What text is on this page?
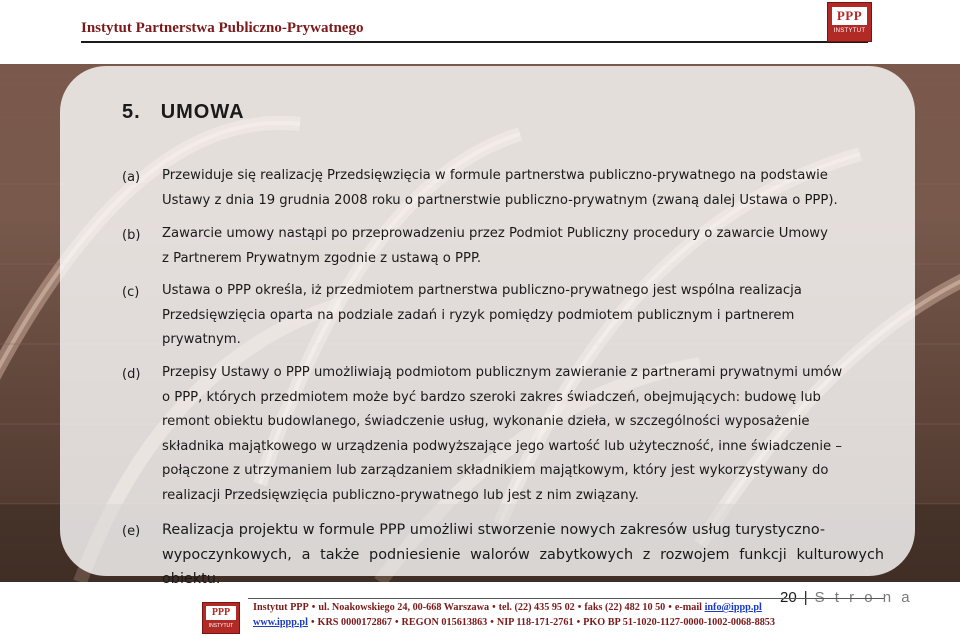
Instytut Partnerstwa Publiczno-Prywatnego
PPP
INSTYTUT
5. UMOWA
(a) Przewiduje się realizację Przedsięwzięcia w formule partnerstwa publiczno-prywatnego na podstawie
Ustawy z dnia 19 grudnia 2008 roku o partnerstwie publiczno-prywatnym (zwaną dalej Ustawa o PPP).
(b) Zawarcie umowy nastąpi po przeprowadzeniu przez Podmiot Publiczny procedury o zawarcie Umowy
z Partnerem Prywatnym zgodnie z ustawą o PPP.
(c) Ustawa o PPP określa, iż przedmiotem partnerstwa publiczno-prywatnego jest wspólna realizacja
Przedsięwzięcia oparta na podziale zadań i ryzyk pomiędzy podmiotem publicznym i partnerem
prywatnym.
(d) Przepisy Ustawy o PPP umożliwiają podmiotom publicznym zawieranie z partnerami prywatnymi umów
o PPP, których przedmiotem może być bardzo szeroki zakres świadczeń, obejmujących: budowę lub
remont obiektu budowlanego, świadczenie usług, wykonanie dzieła, w szczególności wyposażenie
składnika majątkowego w urządzenia podwyższające jego wartość lub użyteczność, inne świadczenie –
połączone z utrzymaniem lub zarządzaniem składnikiem majątkowym, który jest wykorzystywany do
realizacji Przedsięwzięcia publiczno-prywatnego lub jest z nim związany.
(e) Realizacja projektu w formule PPP umożliwi stworzenie nowych zakresów usług turystyczno-
wypoczynkowych, a także podniesienie walorów zabytkowych z rozwojem funkcji kulturowych obiektu.
20 | S t r o n a
PPP
INSTYTUT
Instytut PPP • ul. Noakowskiego 24, 00-668 Warszawa • tel. (22) 435 95 02 • faks (22) 482 10 50 • e-mail info@ippp.pl
www.ippp.pl • KRS 0000172867 • REGON 015613863 • NIP 118-171-2761 • PKO BP 51-1020-1127-0000-1002-0068-8853
